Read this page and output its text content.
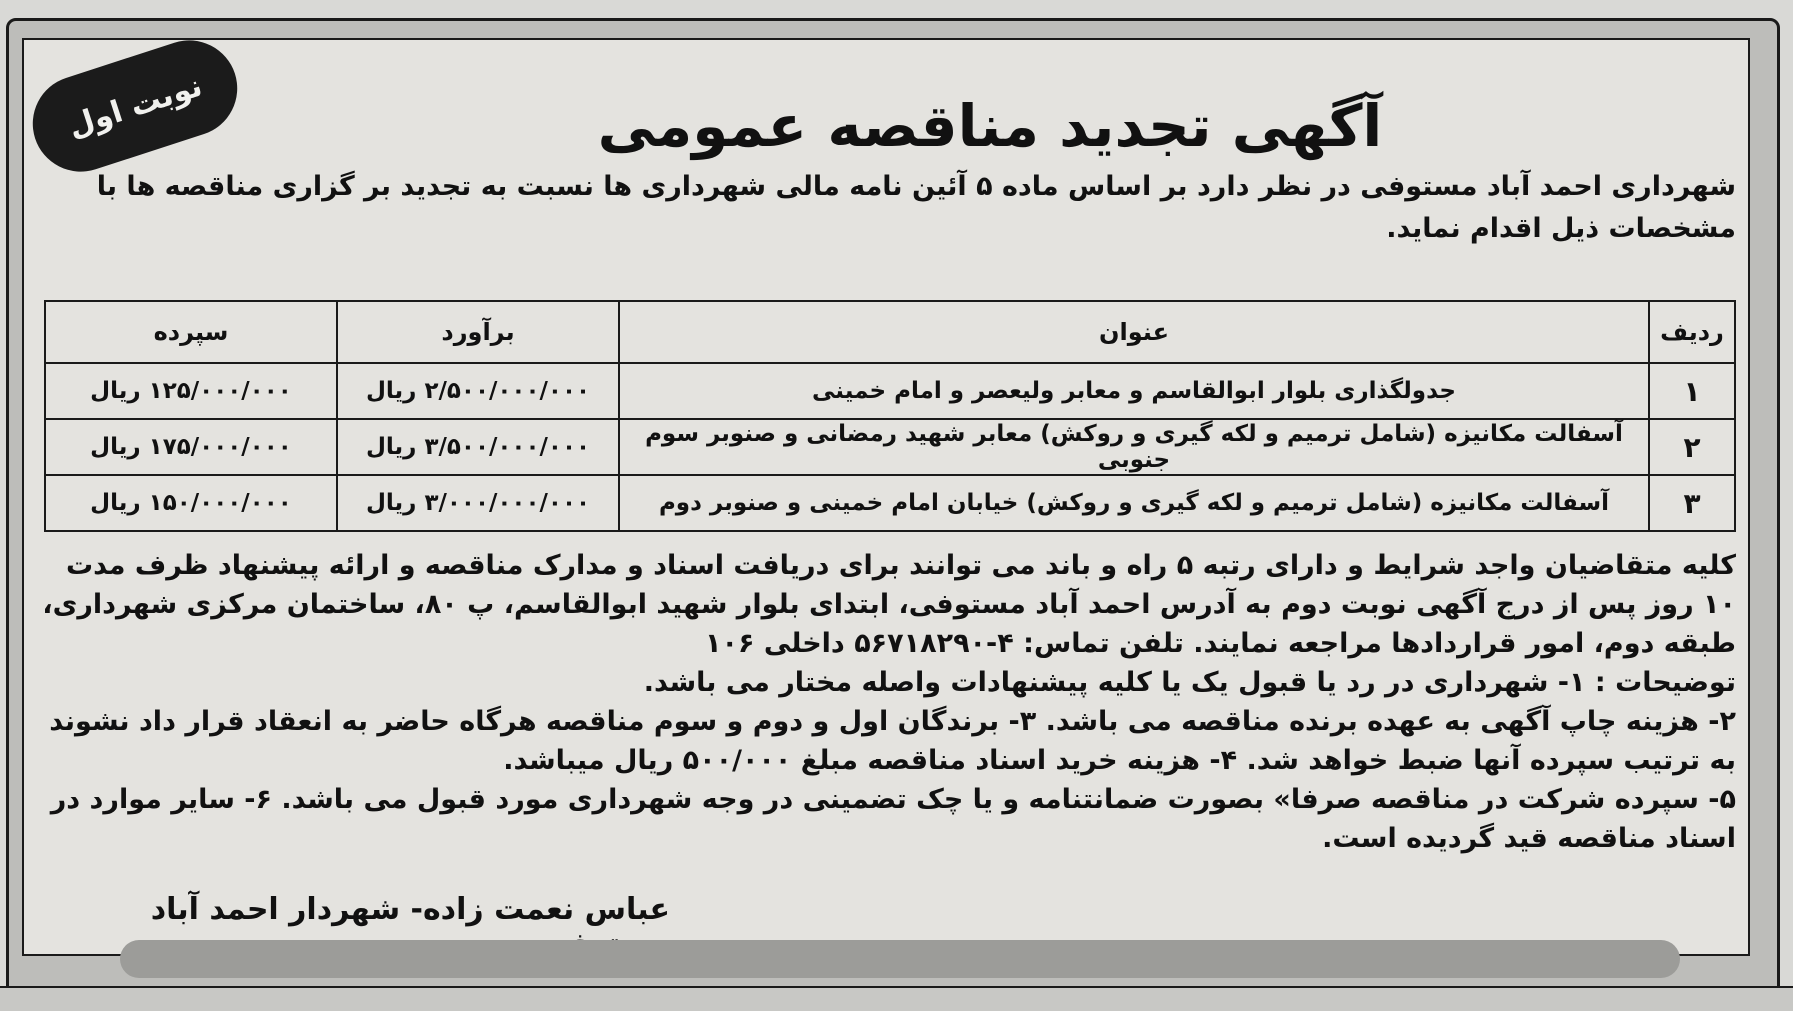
نوبت اول	آگهی تجدید مناقصه عمومی
شهرداری احمد آباد مستوفی در نظر دارد بر اساس ماده ۵ آئین نامه مالی شهرداری ها نسبت به تجدید بر گزاری مناقصه ها با مشخصات ذیل اقدام نماید.
ردیف	عنوان	برآورد	سپرده
۱	جدولگذاری بلوار ابوالقاسم و معابر ولیعصر و امام خمینی	۲/۵۰۰/۰۰۰/۰۰۰ ریال	۱۲۵/۰۰۰/۰۰۰ ریال
۲	آسفالت مکانیزه (شامل ترمیم و لکه گیری و روکش) معابر شهید رمضانی و صنوبر سوم جنوبی	۳/۵۰۰/۰۰۰/۰۰۰ ریال	۱۷۵/۰۰۰/۰۰۰ ریال
۳	آسفالت مکانیزه (شامل ترمیم و لکه گیری و روکش) خیابان امام خمینی و صنوبر دوم	۳/۰۰۰/۰۰۰/۰۰۰ ریال	۱۵۰/۰۰۰/۰۰۰ ریال

کلیه متقاضیان واجد شرایط و دارای رتبه ۵ راه و باند می توانند برای دریافت اسناد و مدارک مناقصه و ارائه پیشنهاد ظرف مدت ۱۰ روز پس از درج آگهی نوبت دوم به آدرس احمد آباد مستوفی، ابتدای بلوار شهید ابوالقاسم، پ ۸۰، ساختمان مرکزی شهرداری، طبقه دوم، امور قراردادها مراجعه نمایند. تلفن تماس: ۴-۵۶۷۱۸۲۹۰ داخلی ۱۰۶

توضیحات : ۱- شهرداری در رد یا قبول یک یا کلیه پیشنهادات واصله مختار می باشد.

۲- هزینه چاپ آگهی به عهده برنده مناقصه می باشد. ۳- برندگان اول و دوم و سوم مناقصه هرگاه حاضر به انعقاد قرار داد نشوند به ترتیب سپرده آنها ضبط خواهد شد. ۴- هزینه خرید اسناد مناقصه مبلغ ۵۰۰/۰۰۰ ریال میباشد.

۵- سپرده شرکت در مناقصه صرفا» بصورت ضمانتنامه و یا چک تضمینی در وجه شهرداری مورد قبول می باشد. ۶- سایر موارد در اسناد مناقصه قید گردیده است.

عباس نعمت زاده- شهردار احمد آباد
